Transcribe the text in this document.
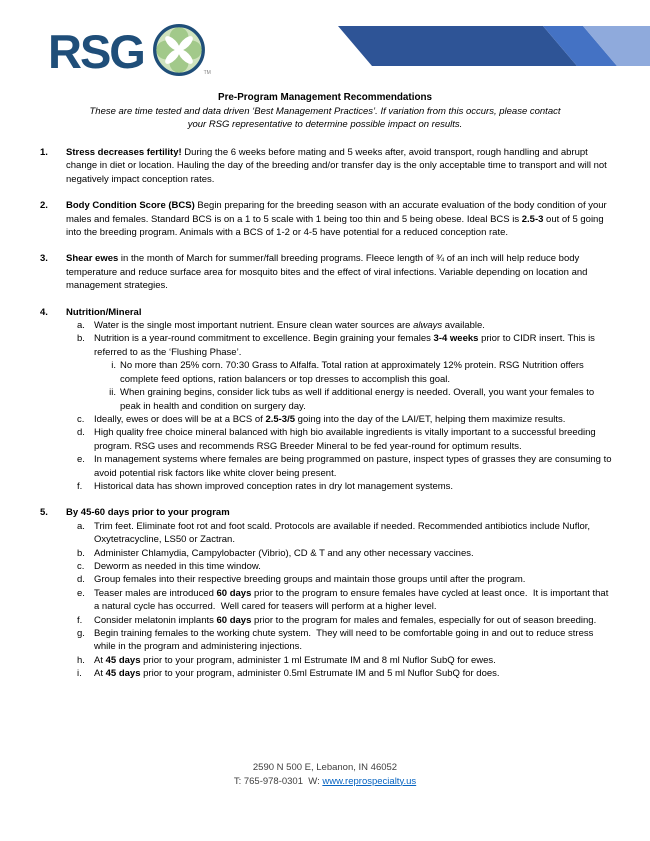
RSG	TM
Pre-Program Management Recommendations
These are time tested and data driven ‘Best Management Practices’. If variation from this occurs, please contact your RSG representative to determine possible impact on results.
1.	Stress decreases fertility! During the 6 weeks before mating and 5 weeks after, avoid transport, rough handling and abrupt change in diet or location. Hauling the day of the breeding and/or transfer day is the only acceptable time to transport and will not negatively impact conception rates.
2.	Body Condition Score (BCS) Begin preparing for the breeding season with an accurate evaluation of the body condition of your males and females. Standard BCS is on a 1 to 5 scale with 1 being too thin and 5 being obese. Ideal BCS is 2.5-3 out of 5 going into the breeding program. Animals with a BCS of 1-2 or 4-5 have potential for a reduced conception rate.
3.	Shear ewes in the month of March for summer/fall breeding programs. Fleece length of ¾ of an inch will help reduce body temperature and reduce surface area for mosquito bites and the effect of viral infections. Variable depending on location and management strategies.
4.	Nutrition/Mineral
a. Water is the single most important nutrient. Ensure clean water sources are always available.
b. Nutrition is a year-round commitment to excellence. Begin graining your females 3-4 weeks prior to CIDR insert. This is referred to as the ‘Flushing Phase’.
i. No more than 25% corn. 70:30 Grass to Alfalfa. Total ration at approximately 12% protein. RSG Nutrition offers complete feed options, ration balancers or top dresses to accomplish this goal.
ii. When graining begins, consider lick tubs as well if additional energy is needed. Overall, you want your females to peak in health and condition on surgery day.
c.	Ideally, ewes or does will be at a BCS of 2.5-3/5 going into the day of the LAI/ET, helping them maximize results.
d. High quality free choice mineral balanced with high bio available ingredients is vitally important to a successful breeding program. RSG uses and recommends RSG Breeder Mineral to be fed year-round for optimum results.
e. In management systems where females are being programmed on pasture, inspect types of grasses they are consuming to avoid potential risk factors like white clover being present.
f.	Historical data has shown improved conception rates in dry lot management systems.
5.	By 45-60 days prior to your program
a. Trim feet. Eliminate foot rot and foot scald. Protocols are available if needed. Recommended antibiotics include Nuflor, Oxytetracycline, LS50 or Zactran.
b. Administer Chlamydia, Campylobacter (Vibrio), CD & T and any other necessary vaccines.
c.	Deworm as needed in this time window.
d. Group females into their respective breeding groups and maintain those groups until after the program.
e. Teaser males are introduced 60 days prior to the program to ensure females have cycled at least once.  It is important that a natural cycle has occurred.  Well cared for teasers will perform at a higher level.
f.	Consider melatonin implants 60 days prior to the program for males and females, especially for out of season breeding.
g. Begin training females to the working chute system.  They will need to be comfortable going in and out to reduce stress while in the program and administering injections.
h. At 45 days prior to your program, administer 1 ml Estrumate IM and 8 ml Nuflor SubQ for ewes.
i.	At 45 days prior to your program, administer 0.5ml Estrumate IM and 5 ml Nuflor SubQ for does.
2590 N 500 E, Lebanon, IN 46052
T: 765-978-0301  W: www.reprospecialty.us
